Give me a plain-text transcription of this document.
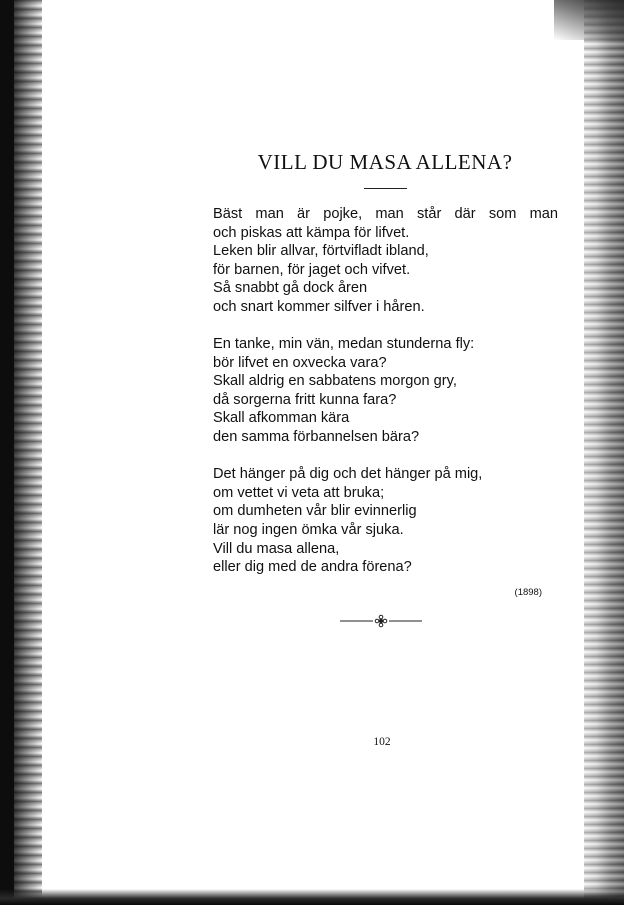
VILL DU MASA ALLENA?
Bäst man är pojke, man står där som man
och piskas att kämpa för lifvet.
Leken blir allvar, förtvifladt ibland,
för barnen, för jaget och vifvet.
Så snabbt gå dock åren
och snart kommer silfver i håren.
En tanke, min vän, medan stunderna fly:
bör lifvet en oxvecka vara?
Skall aldrig en sabbatens morgon gry,
då sorgerna fritt kunna fara?
Skall afkomman kära
den samma förbannelsen bära?
Det hänger på dig och det hänger på mig,
om vettet vi veta att bruka;
om dumheten vår blir evinnerlig
lär nog ingen ömka vår sjuka.
Vill du masa allena,
eller dig med de andra förena?
(1898)
102
